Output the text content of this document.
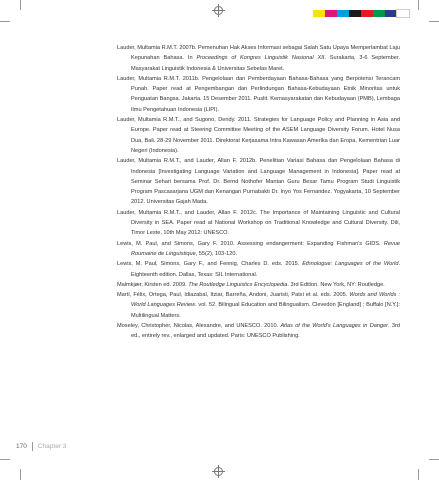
Lauder, Multamia R.M.T. 2007b. Pemenuhan Hak Akses Informasi sebagai Salah Satu Upaya Memperlambat Laju Kepunahan Bahasa. In Proceedings of Kongres Linguistik Nasional XII. Surakarta, 3-6 September. Masyarakat Linguistik Indonesia & Universitas Sebelas Maret.

Lauder, Multamia R.M.T. 2011b. Pengelolaan dan Pemberdayaan Bahasa-Bahasa yang Berpotensi Terancam Punah. Paper read at Pengembangan dan Perlindungan Bahasa-Kebudayaan Etnik Minoritas untuk Penguatan Bangsa. Jakarta. 15 Desember 2011. Puslit. Kemasyarakatan dan Kebudayaan (PMB), Lembaga Ilmu Pengetahuan Indonesia (LIPI).

Lauder, Multamia R.M.T., and Sugono, Dendy. 2011. Strategies for Language Policy and Planning in Asia and Europe. Paper read at Steering Committee Meeting of the ASEM Language Diversity Forum. Hotel Nusa Dua, Bali. 28-29 November 2011. Direktorat Kerjasama Intra Kawasan Amerika dan Eropa, Kementrian Luar Negeri (Indonesia).

Lauder, Multamia R.M.T., and Lauder, Allan F. 2012b. Penelitian Variasi Bahasa dan Pengelolaan Bahasa di Indonesia [Investigating Language Variation and Language Management in Indonesia]. Paper read at Seminar Sehari bersama Prof. Dr. Bernd Nothofer Mantan Guru Besar Tamu Program Studi Linguistik Program Pascasarjana UGM dan Kenangan Purnabakti Dr. Inyo Yos Fernandez. Yogyakarta, 10 September 2012. Universitas Gajah Mada.

Lauder, Multamia R.M.T., and Lauder, Allan F. 2012c. The Importance of Maintaining Linguistic and Cultural Diversity in SEA. Paper read at National Workshop on Traditional Knowledge and Cultural Diversity. Dili, Timor Leste, 10th May 2012: UNESCO.

Lewis, M. Paul, and Simons, Gary F. 2010. Assessing endangerment: Expanding Fishman's GIDS. Revue Roumaine de Linguistique, 55(2), 103-120.

Lewis, M. Paul, Simons, Gary F., and Fennig, Charles D. eds. 2015. Ethnologue: Languages of the World. Eighteenth edition. Dallas, Texas: SIL International.

Malmkjær, Kirsten ed. 2009. The Routledge Linguistics Encyclopedia. 3rd Edition. New York, NY: Routledge.

Martí, Félix, Ortega, Paul, Idiazabal, Itziar, Barreña, Andoni, Juaristi, Patxi et al. eds. 2005. Words and Worlds : World Languages Review. vol. 52. Bilingual Education and Bilingualism. Clevedon [England] ; Buffalo [N.Y.]: Multilingual Matters.

Moseley, Christopher, Nicolas, Alexandre, and UNESCO. 2010. Atlas of the World's Languages in Danger. 3rd ed., entirely rev., enlarged and updated. Paris: UNESCO Publishing.

170 Chapter 3
